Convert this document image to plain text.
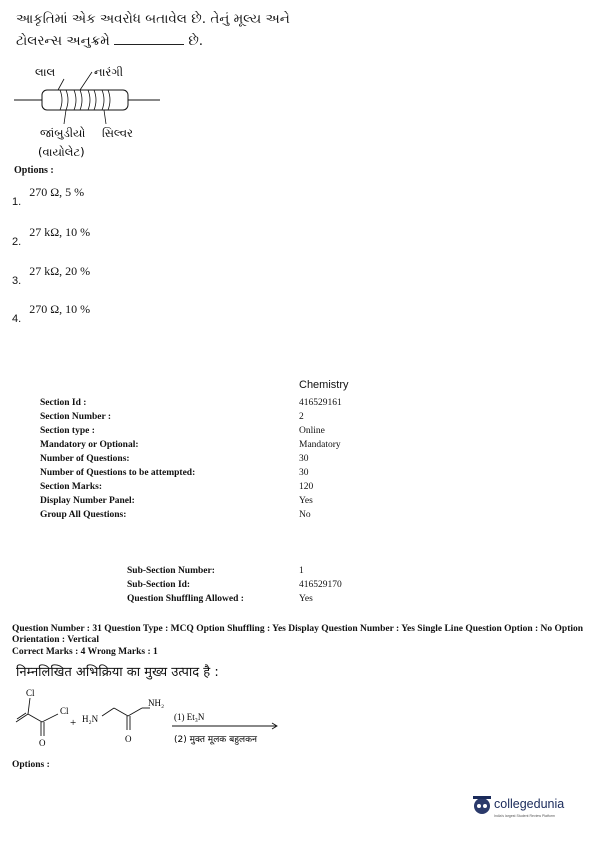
આકૃતિમાં એક અવરોધ બતાવેલ છે. તેનું મૂલ્ય અને
ટોલરન્સ અનુક્રમે	છે.
લાલ	નારંગી
જાંબુડીયો સિલ્વર
(વાયોલેટ)
Options :
$_{1.}$ 270 Ω, 5 %
$_{2.}$ 27 kΩ, 10 %
$_{3.}$ 27 kΩ, 20 %
$_{4.}$ 270 Ω, 10 %
Chemistry
Section Id :	416529161
Section Number :	2
Section type :	Online
Mandatory or Optional:	Mandatory
Number of Questions:	30
Number of Questions to be attempted:	30
Section Marks:	120
Display Number Panel:	Yes
Group All Questions:	No
Sub-Section Number:	1
Sub-Section Id:	416529170
Question Shuffling Allowed :	Yes
Question Number : 31 Question Type : MCQ Option Shuffling : Yes Display Question Number : Yes Single Line Question Option : No Option Orientation : Vertical
Correct Marks : 4 Wrong Marks : 1
निम्नलिखित अभिक्रिया का मुख्य उत्पाद है :
Cl
Cl
O
+ H₂N
NH₂
O
(1) Et₃N
(2) मुक्त मूलक बहुलकन
Options :
collegedunia
India's largest Student Review Platform
